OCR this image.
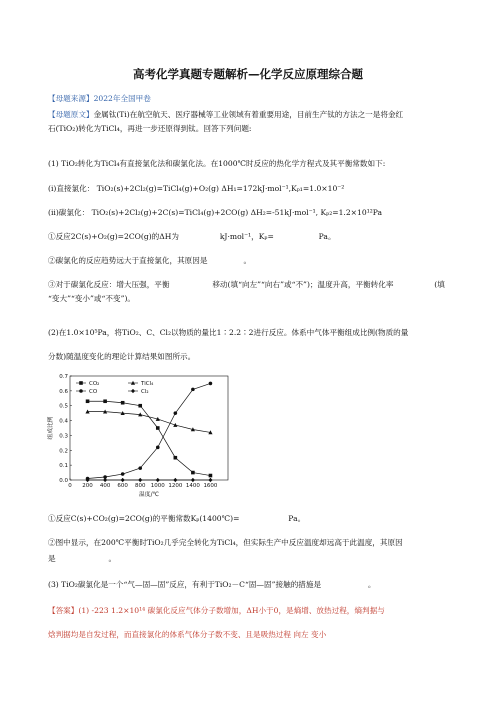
高考化学真题专题解析—化学反应原理综合题
【母题来源】2022年全国甲卷
【母题原文】金属钛(Ti)在航空航天、医疗器械等工业领域有着重要用途，目前生产钛的方法之一是将金红
石(TiO₂)转化为TiCl₄，再进一步还原得到钛。回答下列问题:
(1) TiO₂转化为TiCl₄有直接氯化法和碳氯化法。在1000℃时反应的热化学方程式及其平衡常数如下:
(ⅰ)直接氯化： TiO₂(s)+2Cl₂(g)=TiCl₄(g)+O₂(g) ΔH₁=172kJ·mol⁻¹,Kₚ₁=1.0×10⁻²
(ⅱ)碳氯化： TiO₂(s)+2Cl₂(g)+2C(s)=TiCl₄(g)+2CO(g) ΔH₂=-51kJ·mol⁻¹, Kₚ₂=1.2×10¹²Pa
①反应2C(s)+O₂(g)=2CO(g)的ΔH为	kJ·mol⁻¹，Kₚ=	Pa。
②碳氯化的反应趋势远大于直接氯化，其原因是	。
③对于碳氯化反应：增大压强，平衡	移动(填“向左”“向右”或“不”)；温度升高，平衡转化率	(填
“变大”“变小”或“不变”)。
(2)在1.0×10⁵Pa，将TiO₂、C、Cl₂以物质的量比1∶2.2∶2进行反应。体系中气体平衡组成比例(物质的量
分数)随温度变化的理论计算结果如图所示。
0.0
0.1
0.2
0.3
0.4
0.5
0.6
0.7
0 200 400 600 800 1000 1200 1400 1600
温度/℃
组成比例
CO₂	TiCl₄
CO	Cl₂
①反应C(s)+CO₂(g)=2CO(g)的平衡常数Kₚ(1400℃)=	Pa。
②图中显示，在200℃平衡时TiO₂几乎完全转化为TiCl₄，但实际生产中反应温度却远高于此温度，其原因
是	。
(3) TiO₂碳氯化是一个“气—固—固”反应，有利于TiO₂－C“固—固”接触的措施是	。
【答案】(1) -223 1.2×10¹⁴ 碳氯化反应气体分子数增加，ΔH小于0，是熵增、放热过程，熵判据与
焓判据均是自发过程，而直接氯化的体系气体分子数不变、且是吸热过程 向左 变小
